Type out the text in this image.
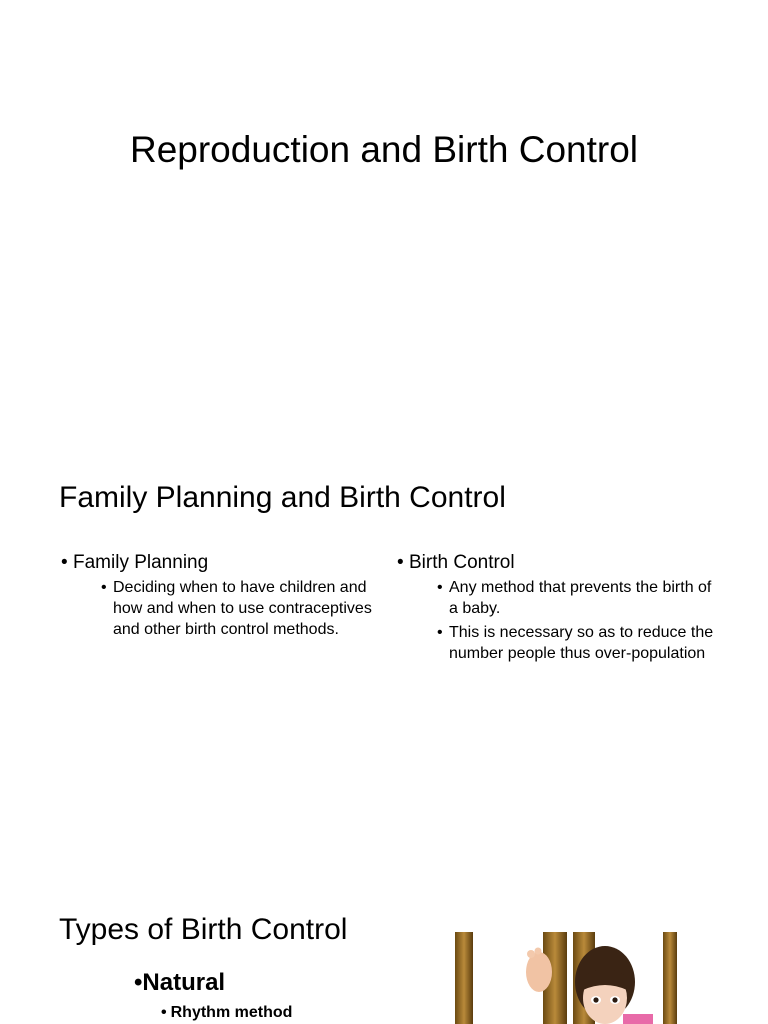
Reproduction and Birth Control
Family Planning and Birth Control
• Family Planning
• Deciding when to have children and how and when to use contraceptives and other birth control methods.
• Birth Control
• Any method that prevents the birth of a baby.
• This is necessary so as to reduce the number people thus over-population
Types of Birth Control
• Natural
• Rhythm method
